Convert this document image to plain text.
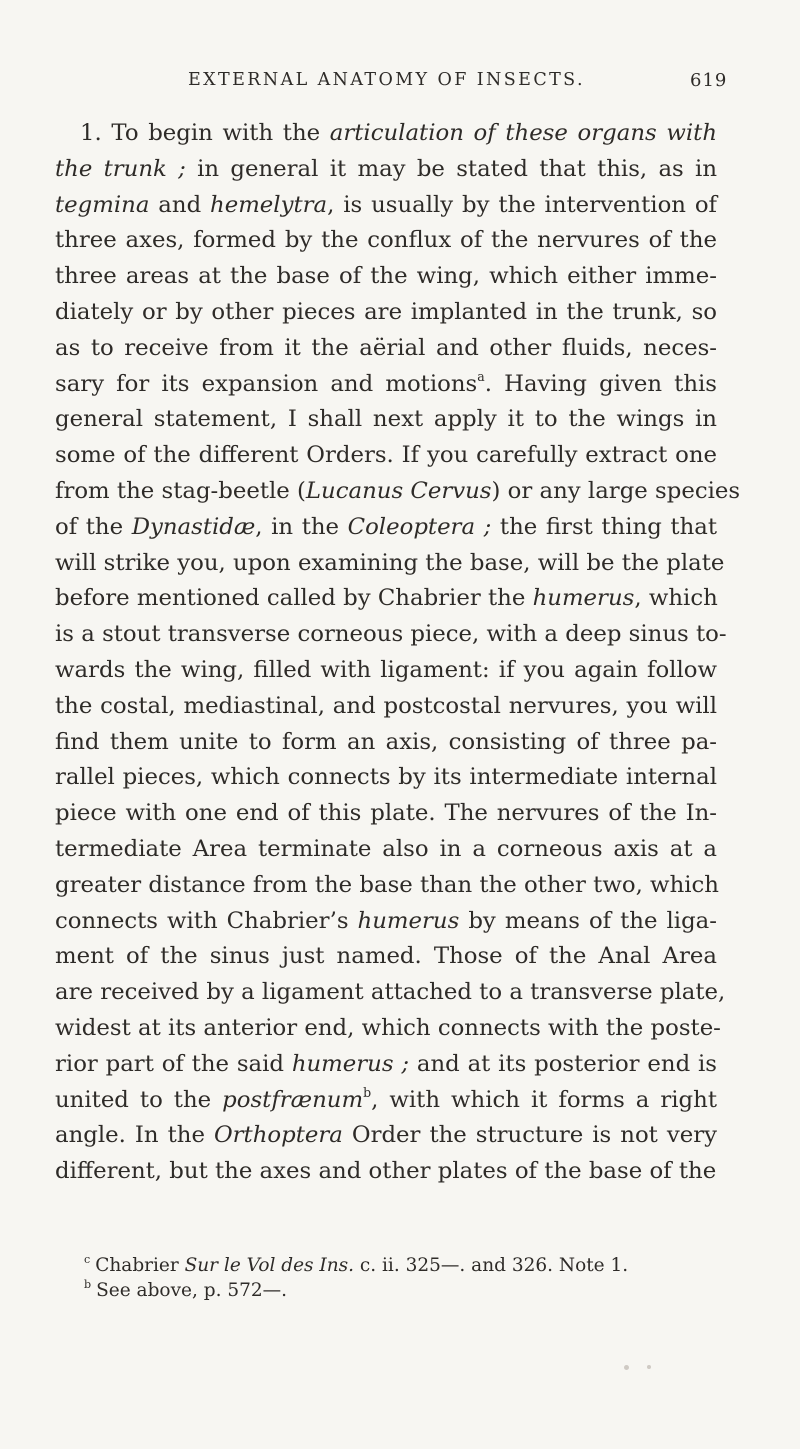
EXTERNAL ANATOMY OF INSECTS.	619
1. To begin with the articulation of these organs with
the trunk ; in general it may be stated that this, as in
tegmina and hemelytra, is usually by the intervention of
three axes, formed by the conflux of the nervures of the
three areas at the base of the wing, which either imme-
diately or by other pieces are implanted in the trunk, so
as to receive from it the aërial and other fluids, neces-
sary for its expansion and motions$^a$. Having given this
general statement, I shall next apply it to the wings in
some of the different Orders. If you carefully extract one
from the stag-beetle (Lucanus Cervus) or any large species
of the Dynastidæ, in the Coleoptera ; the first thing that
will strike you, upon examining the base, will be the plate
before mentioned called by Chabrier the humerus, which
is a stout transverse corneous piece, with a deep sinus to-
wards the wing, filled with ligament: if you again follow
the costal, mediastinal, and postcostal nervures, you will
find them unite to form an axis, consisting of three pa-
rallel pieces, which connects by its intermediate internal
piece with one end of this plate. The nervures of the In-
termediate Area terminate also in a corneous axis at a
greater distance from the base than the other two, which
connects with Chabrier’s humerus by means of the liga-
ment of the sinus just named. Those of the Anal Area
are received by a ligament attached to a transverse plate,
widest at its anterior end, which connects with the poste-
rior part of the said humerus ; and at its posterior end is
united to the postfrænum$^b$, with which it forms a right
angle. In the Orthoptera Order the structure is not very
different, but the axes and other plates of the base of the
$^c$ Chabrier Sur le Vol des Ins. c. ii. 325—. and 326. Note 1.
$^b$ See above, p. 572—.
